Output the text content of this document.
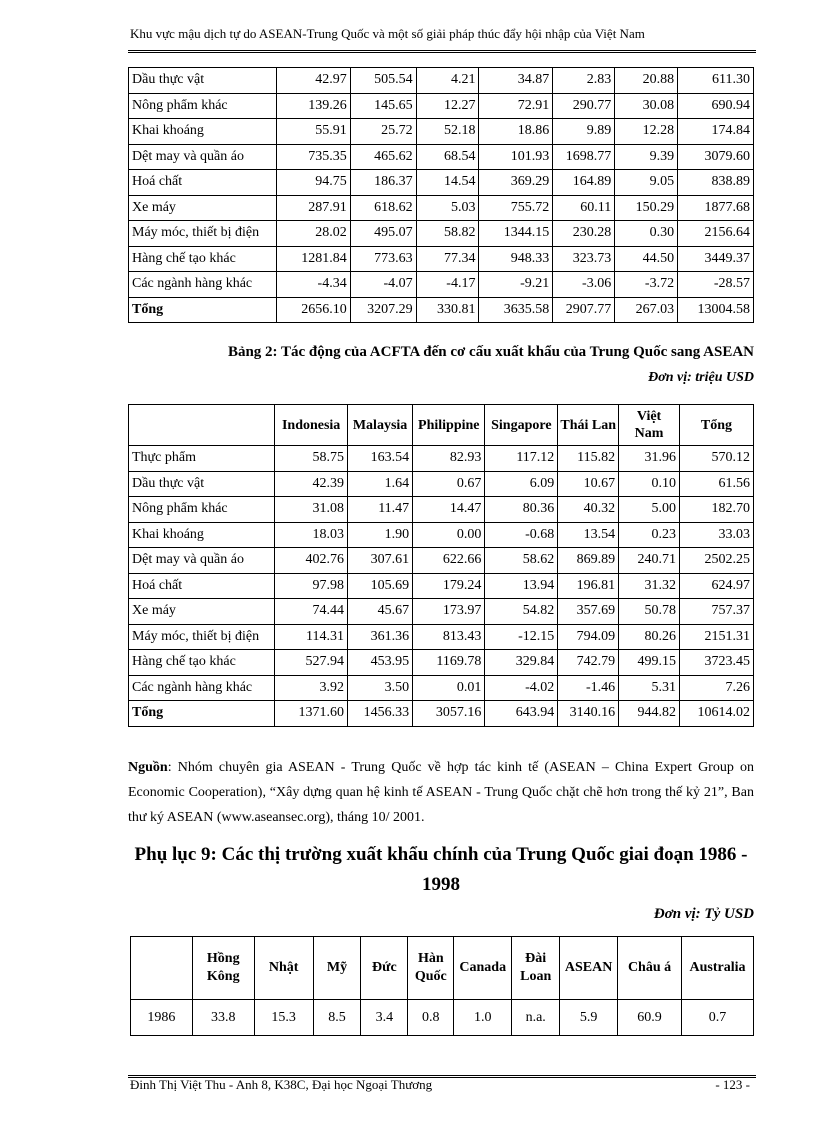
Khu vực mậu dịch tự do ASEAN-Trung Quốc và một số giải pháp thúc đẩy hội nhập của Việt Nam
Dầu thực vật	42.97	505.54	4.21	34.87	2.83	20.88	611.30
Nông phẩm khác	139.26	145.65	12.27	72.91	290.77	30.08	690.94
Khai khoáng	55.91	25.72	52.18	18.86	9.89	12.28	174.84
Dệt may và quần áo	735.35	465.62	68.54	101.93	1698.77	9.39	3079.60
Hoá chất	94.75	186.37	14.54	369.29	164.89	9.05	838.89
Xe máy	287.91	618.62	5.03	755.72	60.11	150.29	1877.68
Máy móc, thiết bị điện	28.02	495.07	58.82	1344.15	230.28	0.30	2156.64
Hàng chế tạo khác	1281.84	773.63	77.34	948.33	323.73	44.50	3449.37
Các ngành hàng khác	-4.34	-4.07	-4.17	-9.21	-3.06	-3.72	-28.57
Tổng	2656.10	3207.29	330.81	3635.58	2907.77	267.03	13004.58
Bảng 2: Tác động của ACFTA đến cơ cấu xuất khẩu của Trung Quốc sang ASEAN
Đơn vị: triệu USD
	Indonesia	Malaysia	Philippine	Singapore	Thái Lan	Việt Nam	Tổng
Thực phẩm	58.75	163.54	82.93	117.12	115.82	31.96	570.12
Dầu thực vật	42.39	1.64	0.67	6.09	10.67	0.10	61.56
Nông phẩm khác	31.08	11.47	14.47	80.36	40.32	5.00	182.70
Khai khoáng	18.03	1.90	0.00	-0.68	13.54	0.23	33.03
Dệt may và quần áo	402.76	307.61	622.66	58.62	869.89	240.71	2502.25
Hoá chất	97.98	105.69	179.24	13.94	196.81	31.32	624.97
Xe máy	74.44	45.67	173.97	54.82	357.69	50.78	757.37
Máy móc, thiết bị điện	114.31	361.36	813.43	-12.15	794.09	80.26	2151.31
Hàng chế tạo khác	527.94	453.95	1169.78	329.84	742.79	499.15	3723.45
Các ngành hàng khác	3.92	3.50	0.01	-4.02	-1.46	5.31	7.26
Tổng	1371.60	1456.33	3057.16	643.94	3140.16	944.82	10614.02
Nguồn: Nhóm chuyên gia ASEAN - Trung Quốc về hợp tác kinh tế (ASEAN – China Expert Group on Economic Cooperation), “Xây dựng quan hệ kinh tế ASEAN - Trung Quốc chặt chẽ hơn trong thế kỷ 21”, Ban thư ký ASEAN (www.aseansec.org), tháng 10/ 2001.
Phụ lục 9: Các thị trường xuất khẩu chính của Trung Quốc giai đoạn 1986 - 1998
Đơn vị: Tỷ USD
	Hồng Kông	Nhật	Mỹ	Đức	Hàn Quốc	Canada	Đài Loan	ASEAN	Châu á	Australia
1986	33.8	15.3	8.5	3.4	0.8	1.0	n.a.	5.9	60.9	0.7
Đinh Thị Việt Thu - Anh 8, K38C, Đại học Ngoại Thương	- 123 -
